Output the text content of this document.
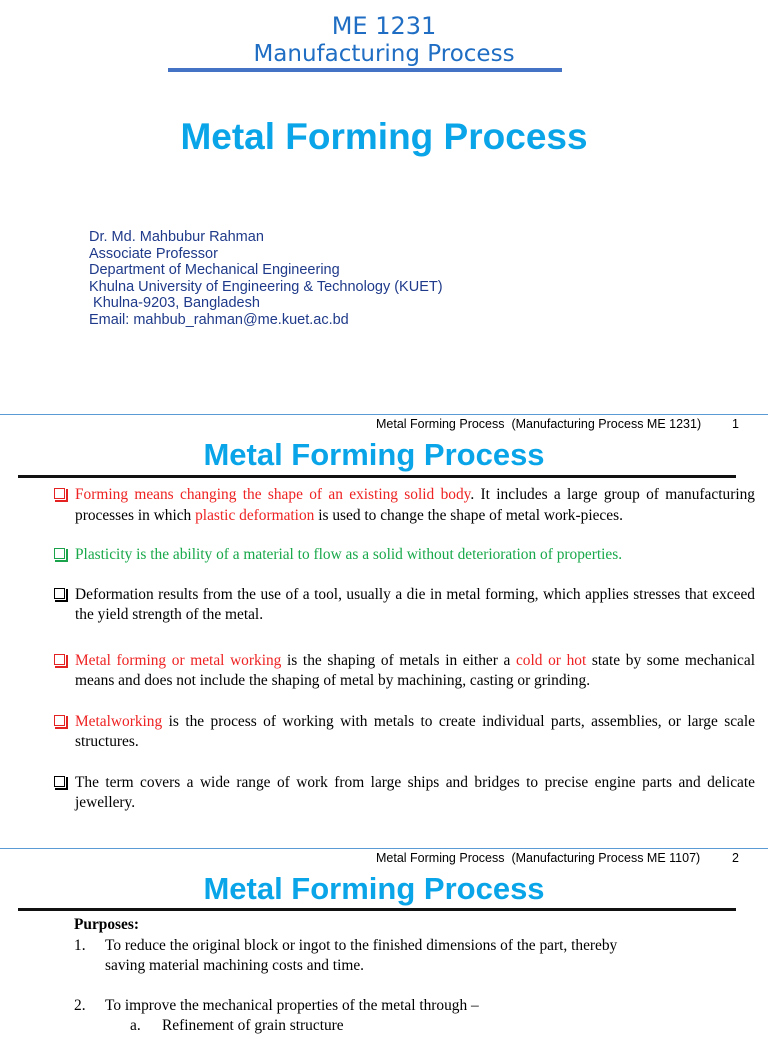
ME 1231
Manufacturing Process
Metal Forming Process
Dr. Md. Mahbubur Rahman
Associate Professor
Department of Mechanical Engineering
Khulna University of Engineering & Technology (KUET)
Khulna-9203, Bangladesh
Email: mahbub_rahman@me.kuet.ac.bd
Metal Forming Process  (Manufacturing Process ME 1231) 1
Metal Forming Process
Forming means changing the shape of an existing solid body. It includes a large group of manufacturing processes in which plastic deformation is used to change the shape of metal work-pieces.
Plasticity is the ability of a material to flow as a solid without deterioration of properties.
Deformation results from the use of a tool, usually a die in metal forming, which applies stresses that exceed the yield strength of the metal.
Metal forming or metal working is the shaping of metals in either a cold or hot state by some mechanical means and does not include the shaping of metal by machining, casting or grinding.
Metalworking is the process of working with metals to create individual parts, assemblies, or large scale structures.
The term covers a wide range of work from large ships and bridges to precise engine parts and delicate jewellery.
Metal Forming Process  (Manufacturing Process ME 1107)	2
Metal Forming Process
Purposes:
1. To reduce the original block or ingot to the finished dimensions of the part, thereby saving material machining costs and time.
2. To improve the mechanical properties of the metal through –
a. Refinement of grain structure
